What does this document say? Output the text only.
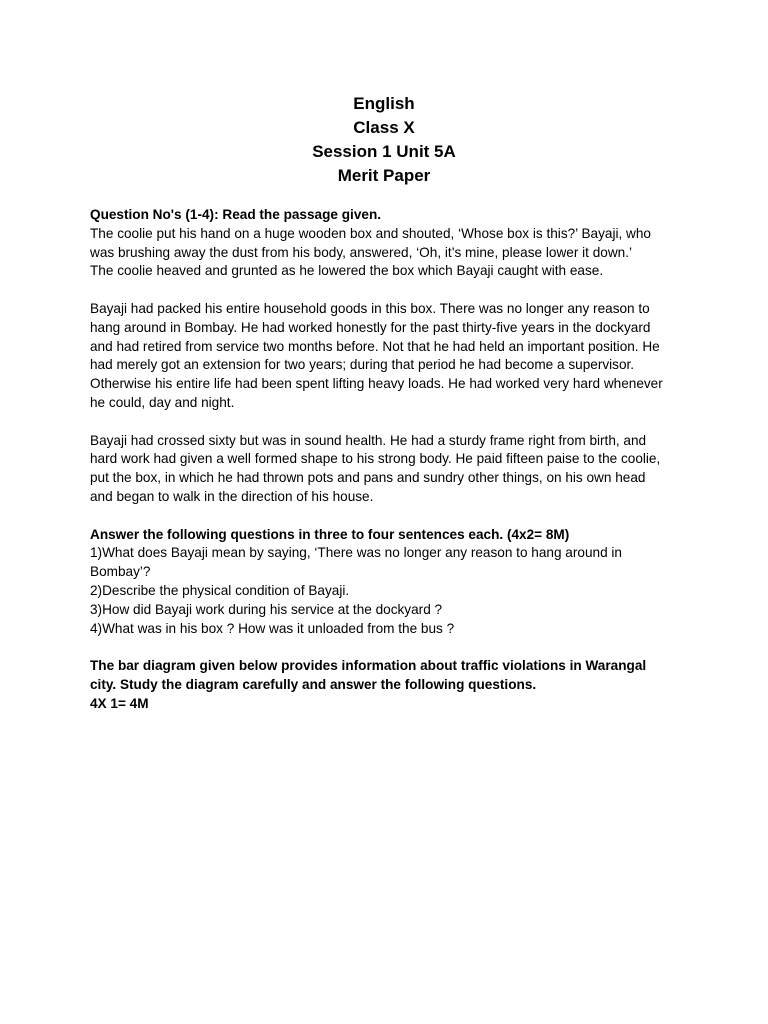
English

Class X

Session 1 Unit 5A

Merit Paper

Question No's (1-4): Read the passage given.

The coolie put his hand on a huge wooden box and shouted, ‘Whose box is this?’ Bayaji, who

was brushing away the dust from his body, answered, ‘Oh, it’s mine, please lower it down.’

The coolie heaved and grunted as he lowered the box which Bayaji caught with ease.

Bayaji had packed his entire household goods in this box. There was no longer any reason to

hang around in Bombay. He had worked honestly for the past thirty-five years in the dockyard

and had retired from service two months before. Not that he had held an important position. He

had merely got an extension for two years; during that period he had become a supervisor.

Otherwise his entire life had been spent lifting heavy loads. He had worked very hard whenever

he could, day and night.

Bayaji had crossed sixty but was in sound health. He had a sturdy frame right from birth, and

hard work had given a well formed shape to his strong body. He paid fifteen paise to the coolie,

put the box, in which he had thrown pots and pans and sundry other things, on his own head

and began to walk in the direction of his house.

Answer the following questions in three to four sentences each. (4x2= 8M)

1)What does Bayaji mean by saying, ‘There was no longer any reason to hang around in

Bombay’?

2)Describe the physical condition of Bayaji.

3)How did Bayaji work during his service at the dockyard ?

4)What was in his box ? How was it unloaded from the bus ?

The bar diagram given below provides information about traffic violations in Warangal

city. Study the diagram carefully and answer the following questions.

4X 1= 4M
